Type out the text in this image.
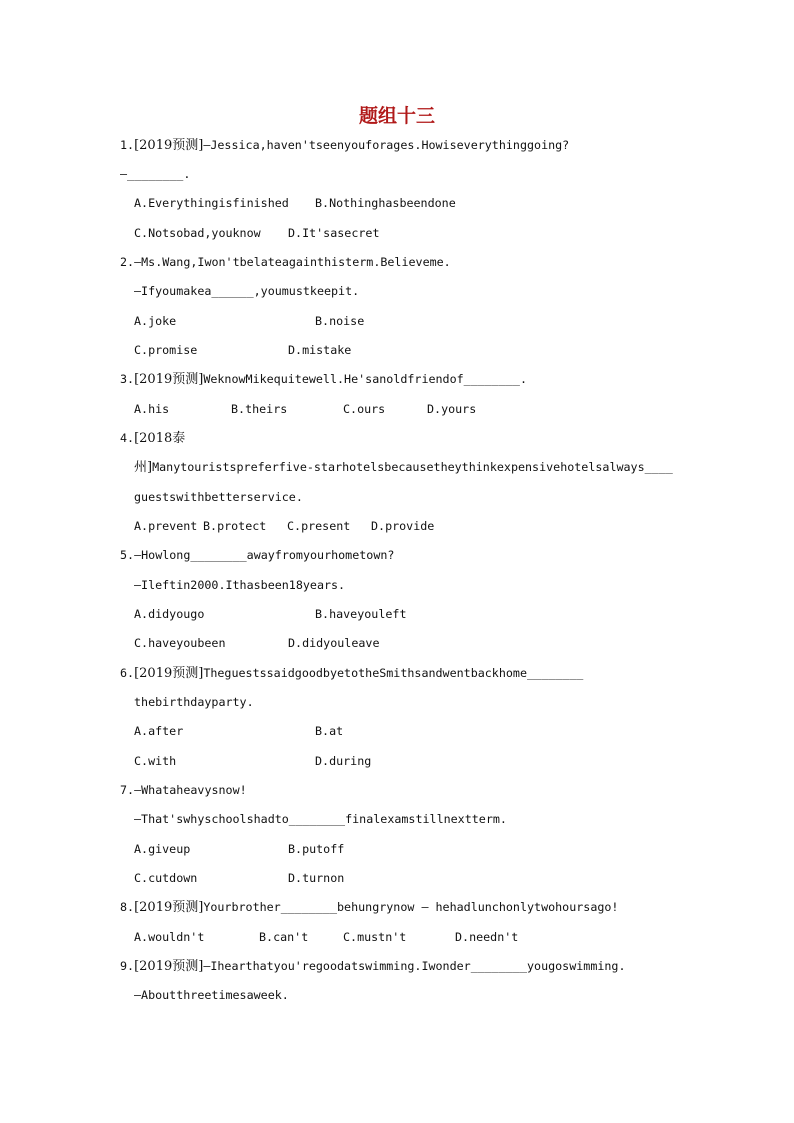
题组十三
1.[2019预测]—Jessica,haven'tseenyouforages.Howiseverythinggoing?
—________.
A.Everythingisfinished B.Nothinghasbeendone
C.Notsobad,youknow D.It'sasecret
2.—Ms.Wang,Iwon'tbelateagainthisterm.Believeme.
—Ifyoumakea______,youmustkeepit.
A.joke	B.noise
C.promise	D.mistake
3.[2019预测]WeknowMikequitewell.He'sanoldfriendof________.
A.his	B.theirs	C.ours	D.yours
4.[2018泰
州]Manytouristspreferfive-starhotelsbecausetheythinkexpensivehotelsalways____
guestswithbetterservice.
A.prevent B.protect C.present D.provide
5.—Howlong________awayfromyourhometown?
—Ileftin2000.Ithasbeen18years.
A.didyougo	B.haveyouleft
C.haveyoubeen	D.didyouleave
6.[2019预测]TheguestssaidgoodbyetotheSmithsandwentbackhome________
thebirthdayparty.
A.after	B.at
C.with	D.during
7.—Whataheavysnow!
—That'swhyschoolshadto________finalexamstillnextterm.
A.giveup	B.putoff
C.cutdown	D.turnon
8.[2019预测]Yourbrother________behungrynow — hehadlunchonlytwohoursago!
A.wouldn't	B.can't	C.mustn't	D.needn't
9.[2019预测]—Ihearthatyou'regoodatswimming.Iwonder________yougoswimming.
—Aboutthreetimesaweek.
